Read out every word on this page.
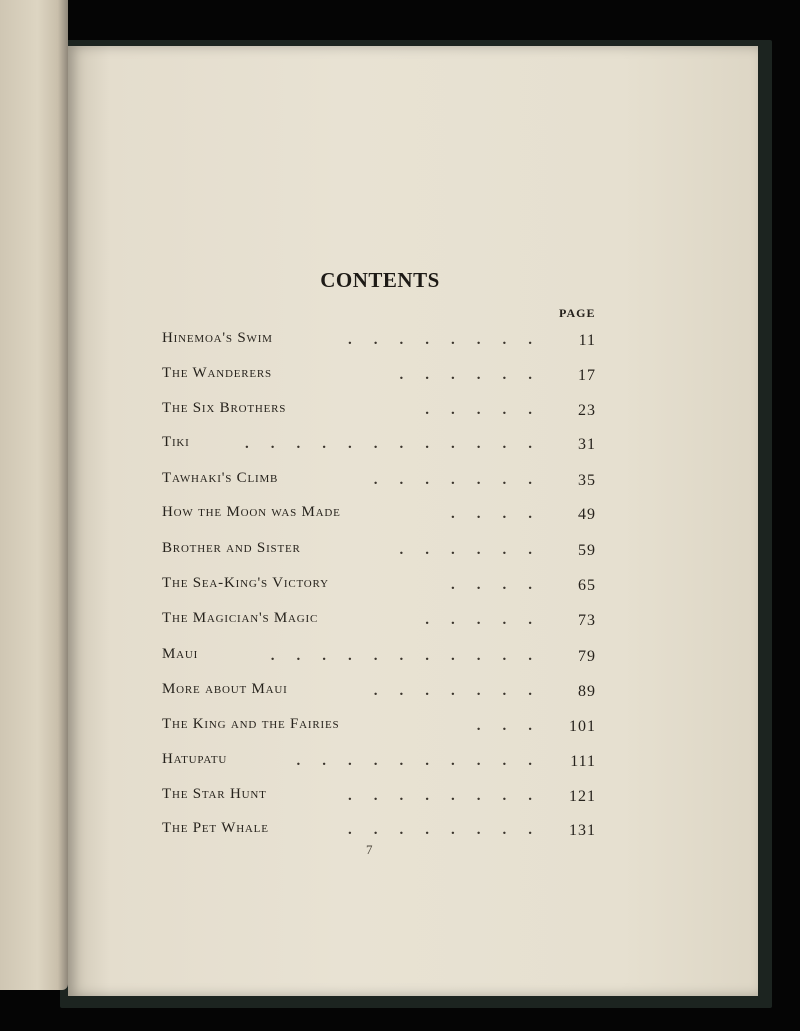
CONTENTS
PAGE
Hinemoa's Swim	........ 11
The Wanderers	...... 17
The Six Brothers	..... 23
Tiki	............ 31
Tawhaki's Climb	....... 35
How the Moon was Made	.... 49
Brother and Sister	...... 59
The Sea-King's Victory	.... 65
The Magician's Magic	..... 73
Maui	........... 79
More about Maui	....... 89
The King and the Fairies	... 101
Hatupatu	.......... 111
The Star Hunt	........ 121
The Pet Whale	........ 131
7
